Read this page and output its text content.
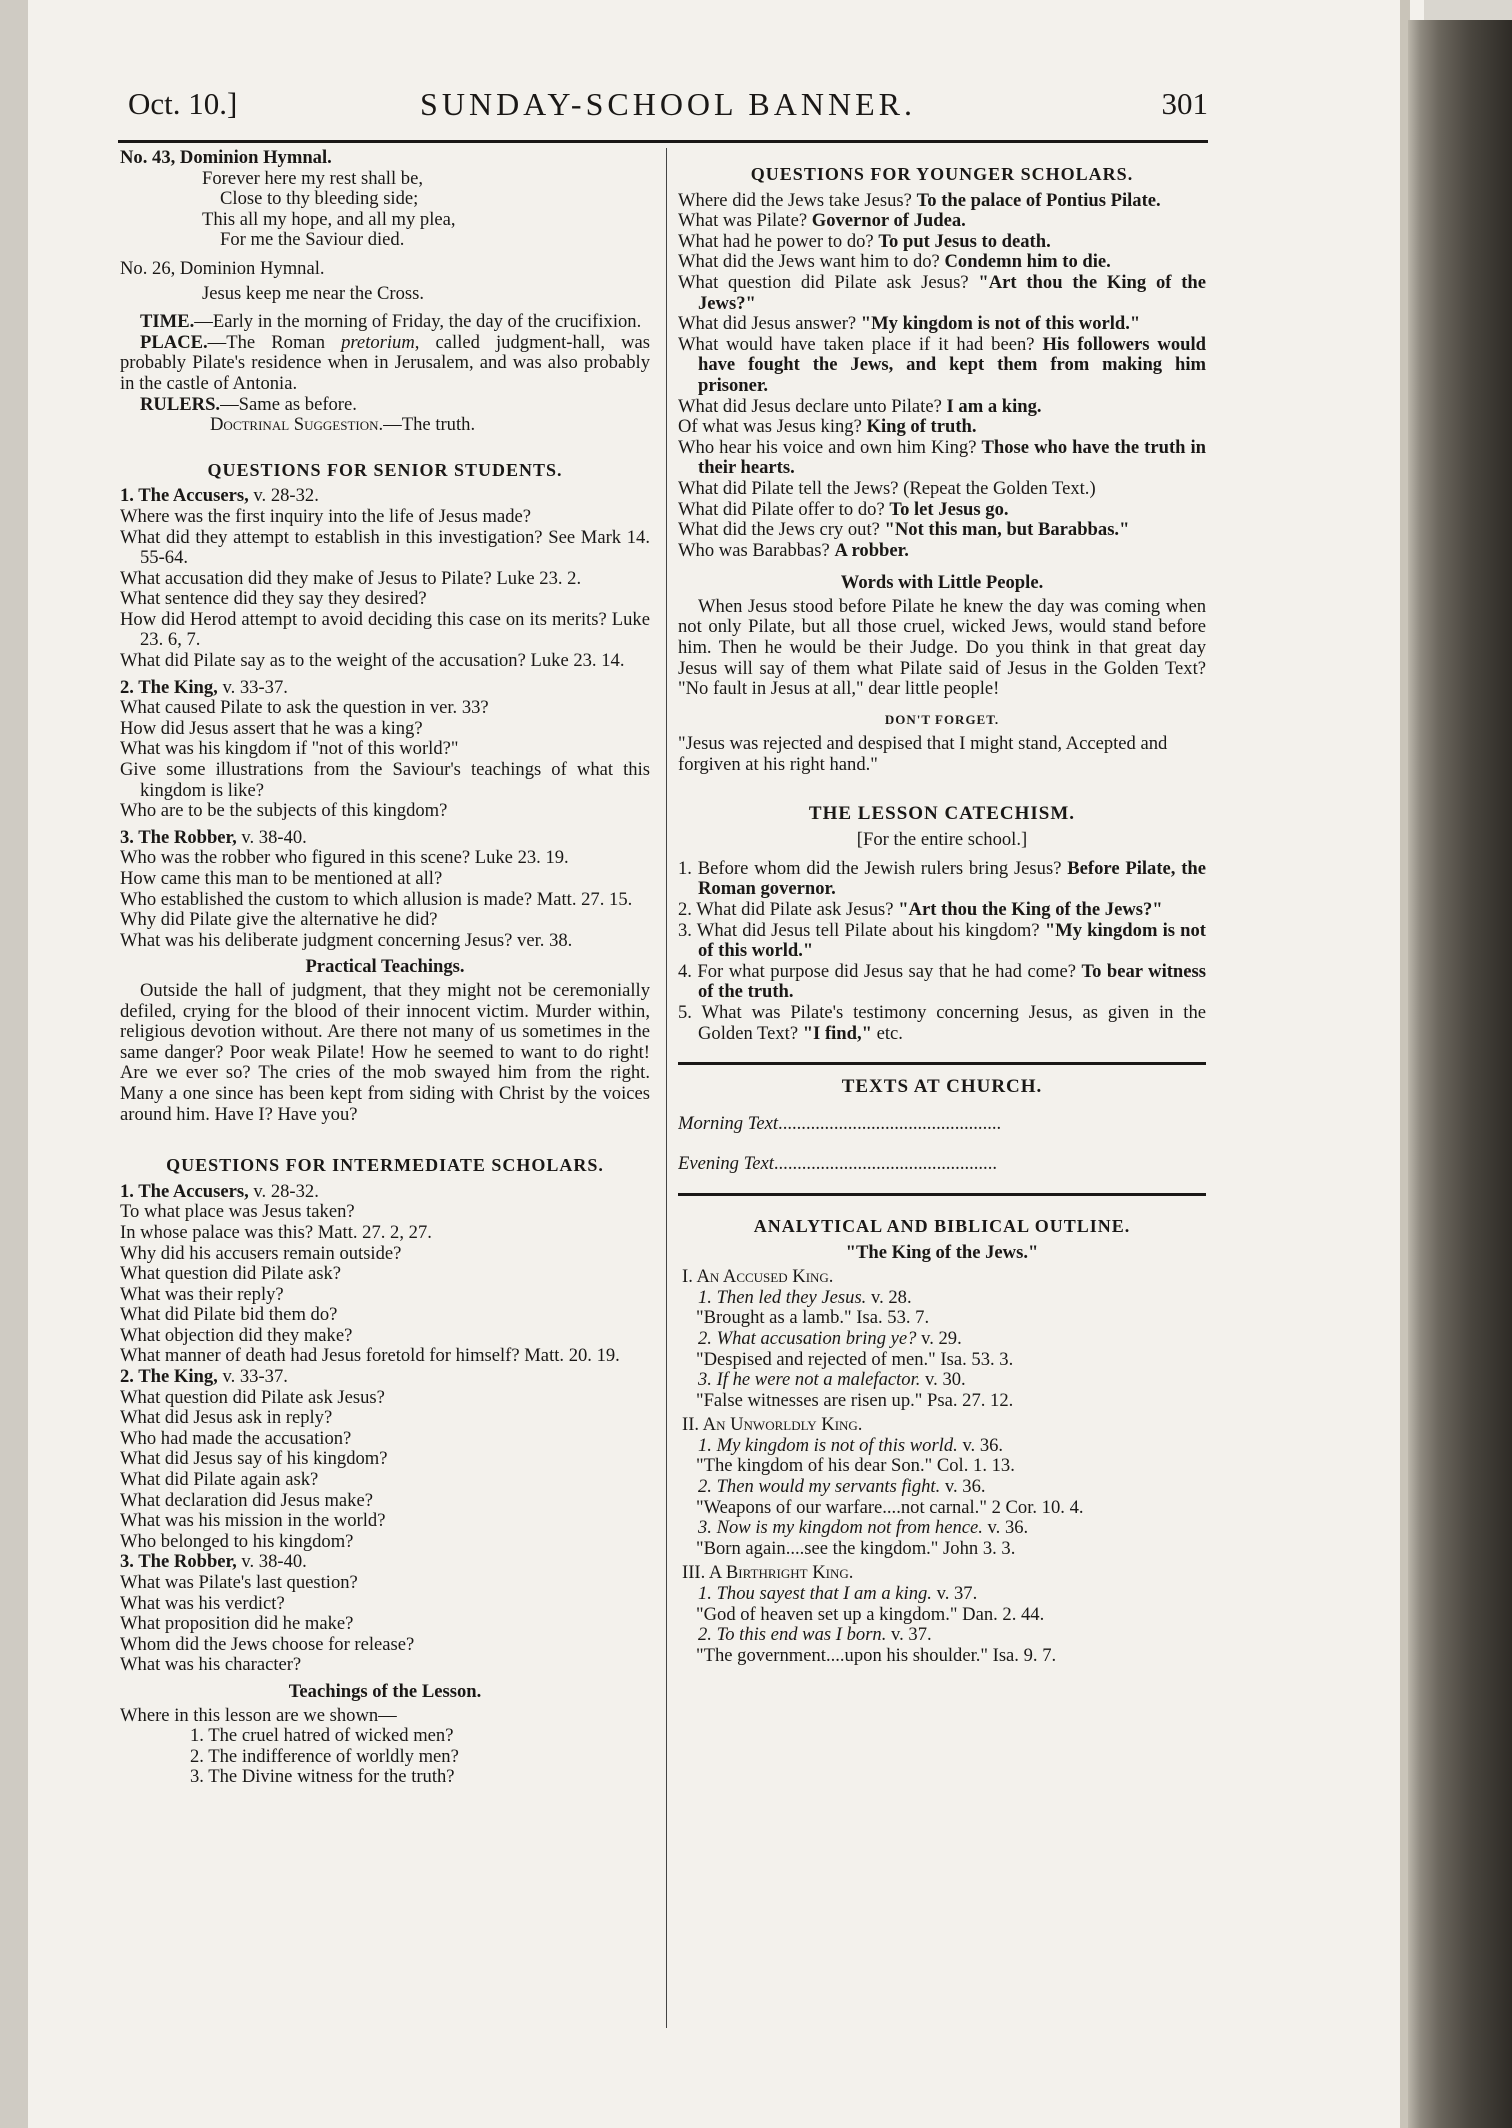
Oct. 10.]	SUNDAY-SCHOOL BANNER.	301

No. 43, Dominion Hymnal.

Forever here my rest shall be,

Close to thy bleeding side;

This all my hope, and all my plea,

For me the Saviour died.

No. 26, Dominion Hymnal.

Jesus keep me near the Cross.

TIME.—Early in the morning of Friday, the day of the crucifixion.

PLACE.—The Roman pretorium, called judgment-hall, was probably Pilate's residence when in Jerusalem, and was also probably in the castle of Antonia.

RULERS.—Same as before.

Doctrinal Suggestion.—The truth.

QUESTIONS FOR SENIOR STUDENTS.

1. The Accusers, v. 28-32.

Where was the first inquiry into the life of Jesus made?

What did they attempt to establish in this investigation? See Mark 14. 55-64.

What accusation did they make of Jesus to Pilate? Luke 23. 2.

What sentence did they say they desired?

How did Herod attempt to avoid deciding this case on its merits? Luke 23. 6, 7.

What did Pilate say as to the weight of the accusation? Luke 23. 14.

2. The King, v. 33-37.

What caused Pilate to ask the question in ver. 33?

How did Jesus assert that he was a king?

What was his kingdom if "not of this world?"

Give some illustrations from the Saviour's teachings of what this kingdom is like?

Who are to be the subjects of this kingdom?

3. The Robber, v. 38-40.

Who was the robber who figured in this scene? Luke 23. 19.

How came this man to be mentioned at all?

Who established the custom to which allusion is made? Matt. 27. 15.

Why did Pilate give the alternative he did?

What was his deliberate judgment concerning Jesus? ver. 38.

Practical Teachings.

Outside the hall of judgment, that they might not be ceremonially defiled, crying for the blood of their innocent victim. Murder within, religious devotion without. Are there not many of us sometimes in the same danger? Poor weak Pilate! How he seemed to want to do right! Are we ever so? The cries of the mob swayed him from the right. Many a one since has been kept from siding with Christ by the voices around him. Have I? Have you?

QUESTIONS FOR INTERMEDIATE SCHOLARS.

1. The Accusers, v. 28-32.

To what place was Jesus taken?

In whose palace was this? Matt. 27. 2, 27.

Why did his accusers remain outside?

What question did Pilate ask?

What was their reply?

What did Pilate bid them do?

What objection did they make?

What manner of death had Jesus foretold for himself? Matt. 20. 19.

2. The King, v. 33-37.

What question did Pilate ask Jesus?

What did Jesus ask in reply?

Who had made the accusation?

What did Jesus say of his kingdom?

What did Pilate again ask?

What declaration did Jesus make?

What was his mission in the world?

Who belonged to his kingdom?

3. The Robber, v. 38-40.

What was Pilate's last question?

What was his verdict?

What proposition did he make?

Whom did the Jews choose for release?

What was his character?

Teachings of the Lesson.

Where in this lesson are we shown—

1. The cruel hatred of wicked men?

2. The indifference of worldly men?

3. The Divine witness for the truth?

QUESTIONS FOR YOUNGER SCHOLARS.

Where did the Jews take Jesus? To the palace of Pontius Pilate.

What was Pilate? Governor of Judea.

What had he power to do? To put Jesus to death.

What did the Jews want him to do? Condemn him to die.

What question did Pilate ask Jesus? "Art thou the King of the Jews?"

What did Jesus answer? "My kingdom is not of this world."

What would have taken place if it had been? His followers would have fought the Jews, and kept them from making him prisoner.

What did Jesus declare unto Pilate? I am a king.

Of what was Jesus king? King of truth.

Who hear his voice and own him King? Those who have the truth in their hearts.

What did Pilate tell the Jews? (Repeat the Golden Text.)

What did Pilate offer to do? To let Jesus go.

What did the Jews cry out? "Not this man, but Barabbas."

Who was Barabbas? A robber.

Words with Little People.

When Jesus stood before Pilate he knew the day was coming when not only Pilate, but all those cruel, wicked Jews, would stand before him. Then he would be their Judge. Do you think in that great day Jesus will say of them what Pilate said of Jesus in the Golden Text? "No fault in Jesus at all," dear little people!

DON'T FORGET.

"Jesus was rejected and despised that I might stand, Accepted and forgiven at his right hand."

THE LESSON CATECHISM.

[For the entire school.]

1. Before whom did the Jewish rulers bring Jesus? Before Pilate, the Roman governor.

2. What did Pilate ask Jesus? "Art thou the King of the Jews?"

3. What did Jesus tell Pilate about his kingdom? "My kingdom is not of this world."

4. For what purpose did Jesus say that he had come? To bear witness of the truth.

5. What was Pilate's testimony concerning Jesus, as given in the Golden Text? "I find," etc.

TEXTS AT CHURCH.

Morning Text................................................

Evening Text................................................

ANALYTICAL AND BIBLICAL OUTLINE.
"The King of the Jews."

I. An Accused King.

1. Then led they Jesus. v. 28.

"Brought as a lamb." Isa. 53. 7.

2. What accusation bring ye? v. 29.

"Despised and rejected of men." Isa. 53. 3.

3. If he were not a malefactor. v. 30.

"False witnesses are risen up." Psa. 27. 12.

II. An Unworldly King.

1. My kingdom is not of this world. v. 36.

"The kingdom of his dear Son." Col. 1. 13.

2. Then would my servants fight. v. 36.

"Weapons of our warfare....not carnal." 2 Cor. 10. 4.

3. Now is my kingdom not from hence. v. 36.

"Born again....see the kingdom." John 3. 3.

III. A Birthright King.

1. Thou sayest that I am a king. v. 37.

"God of heaven set up a kingdom." Dan. 2. 44.

2. To this end was I born. v. 37.

"The government....upon his shoulder." Isa. 9. 7.
